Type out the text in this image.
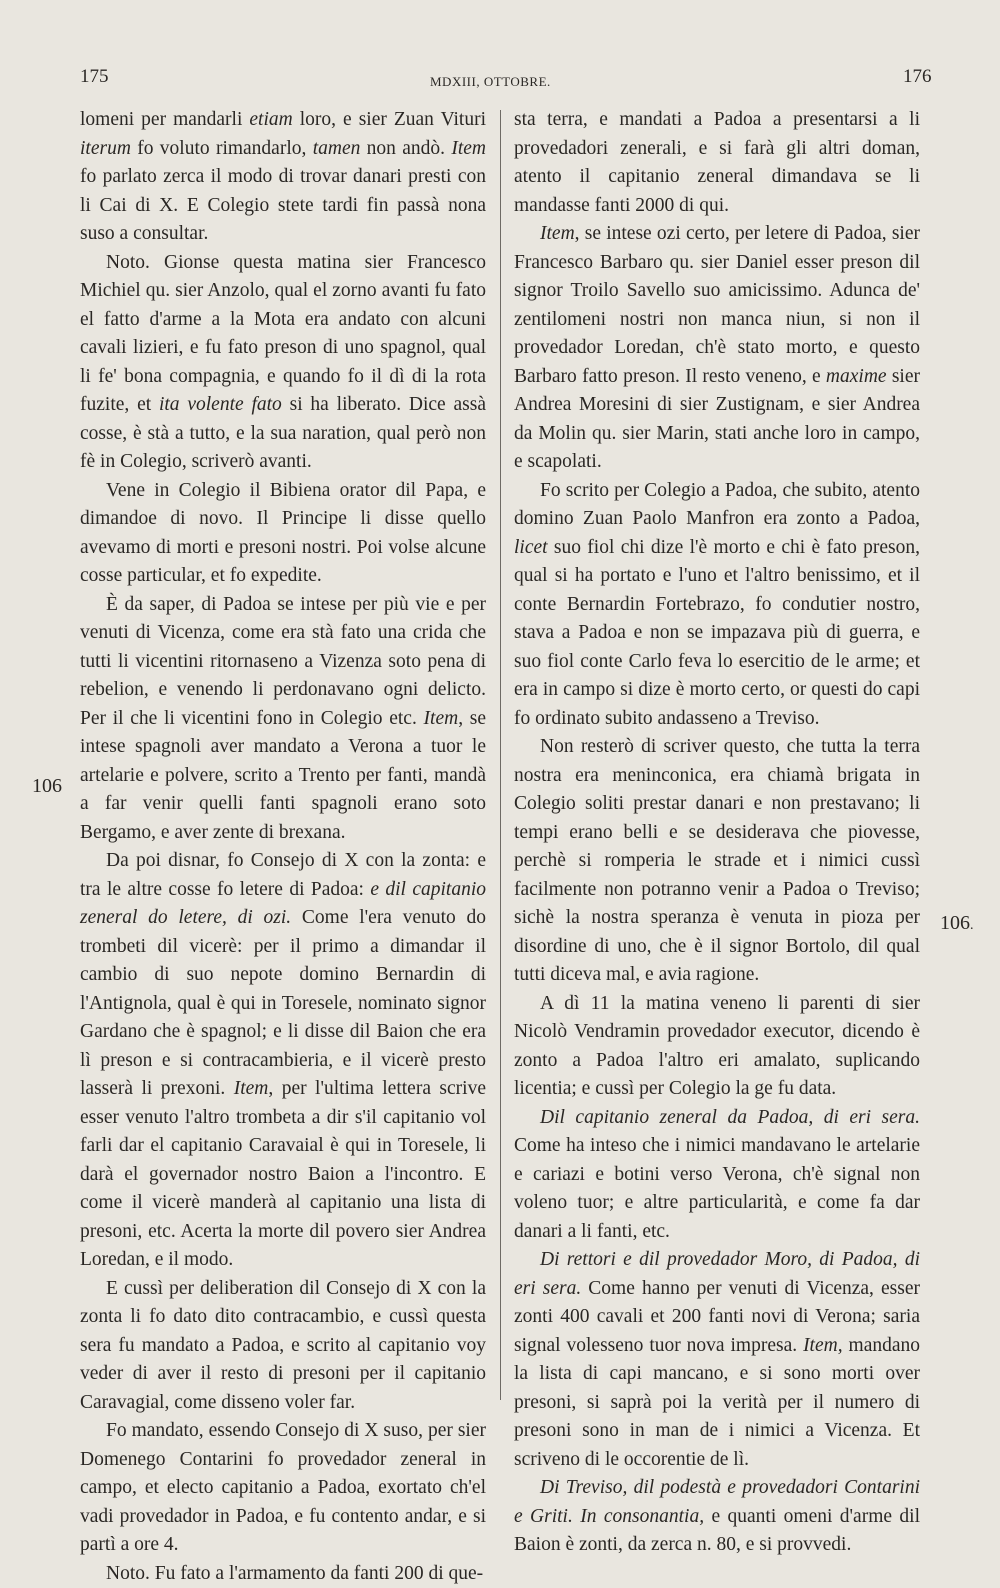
175	MDXIII, OTTOBRE.	176
106
106.

lomeni per mandarli etiam loro, e sier Zuan Vituri iterum fo voluto rimandarlo, tamen non andò. Item fo parlato zerca il modo di trovar danari presti con li Cai di X. E Colegio stete tardi fin passà nona suso a consultar.

Noto. Gionse questa matina sier Francesco Michiel qu. sier Anzolo, qual el zorno avanti fu fato el fatto d'arme a la Mota era andato con alcuni cavali lizieri, e fu fato preson di uno spagnol, qual li fe' bona compagnia, e quando fo il dì di la rota fuzite, et ita volente fato si ha liberato. Dice assà cosse, è stà a tutto, e la sua naration, qual però non fè in Colegio, scriverò avanti.

Vene in Colegio il Bibiena orator dil Papa, e dimandoe di novo. Il Principe li disse quello avevamo di morti e presoni nostri. Poi volse alcune cosse particular, et fo expedite.

È da saper, di Padoa se intese per più vie e per venuti di Vicenza, come era stà fato una crida che tutti li vicentini ritornaseno a Vizenza soto pena di rebelion, e venendo li perdonavano ogni delicto. Per il che li vicentini fono in Colegio etc. Item, se intese spagnoli aver mandato a Verona a tuor le artelarie e polvere, scrito a Trento per fanti, mandà a far venir quelli fanti spagnoli erano soto Bergamo, e aver zente di brexana.

Da poi disnar, fo Consejo di X con la zonta: e tra le altre cosse fo letere di Padoa: e dil capitanio zeneral do letere, di ozi. Come l'era venuto do trombeti dil vicerè: per il primo a dimandar il cambio di suo nepote domino Bernardin di l'Antignola, qual è qui in Toresele, nominato signor Gardano che è spagnol; e li disse dil Baion che era lì preson e si contracambieria, e il vicerè presto lasserà li prexoni. Item, per l'ultima lettera scrive esser venuto l'altro trombeta a dir s'il capitanio vol farli dar el capitanio Caravaial è qui in Toresele, li darà el governador nostro Baion a l'incontro. E come il vicerè manderà al capitanio una lista di presoni, etc. Acerta la morte dil povero sier Andrea Loredan, e il modo.

E cussì per deliberation dil Consejo di X con la zonta li fo dato dito contracambio, e cussì questa sera fu mandato a Padoa, e scrito al capitanio voy veder di aver il resto di presoni per il capitanio Caravagial, come disseno voler far.

Fo mandato, essendo Consejo di X suso, per sier Domenego Contarini fo provedador zeneral in campo, et electo capitanio a Padoa, exortato ch'el vadi provedador in Padoa, e fu contento andar, e si partì a ore 4.

Noto. Fu fato a l'armamento da fanti 200 di que-

sta terra, e mandati a Padoa a presentarsi a li provedadori zenerali, e si farà gli altri doman, atento il capitanio zeneral dimandava se li mandasse fanti 2000 di qui.

Item, se intese ozi certo, per letere di Padoa, sier Francesco Barbaro qu. sier Daniel esser preson dil signor Troilo Savello suo amicissimo. Adunca de' zentilomeni nostri non manca niun, si non il provedador Loredan, ch'è stato morto, e questo Barbaro fatto preson. Il resto veneno, e maxime sier Andrea Moresini di sier Zustignam, e sier Andrea da Molin qu. sier Marin, stati anche loro in campo, e scapolati.

Fo scrito per Colegio a Padoa, che subito, atento domino Zuan Paolo Manfron era zonto a Padoa, licet suo fiol chi dize l'è morto e chi è fato preson, qual si ha portato e l'uno et l'altro benissimo, et il conte Bernardin Fortebrazo, fo condutier nostro, stava a Padoa e non se impazava più di guerra, e suo fiol conte Carlo feva lo esercitio de le arme; et era in campo si dize è morto certo, or questi do capi fo ordinato subito andasseno a Treviso.

Non resterò di scriver questo, che tutta la terra nostra era meninconica, era chiamà brigata in Colegio soliti prestar danari e non prestavano; li tempi erano belli e se desiderava che piovesse, perchè si romperia le strade et i nimici cussì facilmente non potranno venir a Padoa o Treviso; sichè la nostra speranza è venuta in pioza per disordine di uno, che è il signor Bortolo, dil qual tutti diceva mal, e avia ragione.

A dì 11 la matina veneno li parenti di sier Nicolò Vendramin provedador executor, dicendo è zonto a Padoa l'altro eri amalato, suplicando licentia; e cussì per Colegio la ge fu data.

Dil capitanio zeneral da Padoa, di eri sera. Come ha inteso che i nimici mandavano le artelarie e cariazi e botini verso Verona, ch'è signal non voleno tuor; e altre particularità, e come fa dar danari a li fanti, etc.

Di rettori e dil provedador Moro, di Padoa, di eri sera. Come hanno per venuti di Vicenza, esser zonti 400 cavali et 200 fanti novi di Verona; saria signal volesseno tuor nova impresa. Item, mandano la lista di capi mancano, e si sono morti over presoni, si saprà poi la verità per il numero di presoni sono in man de i nimici a Vicenza. Et scriveno di le occorentie de lì.

Di Treviso, dil podestà e provedadori Contarini e Griti. In consonantia, e quanti omeni d'arme dil Baion è zonti, da zerca n. 80, e si provvedi.
